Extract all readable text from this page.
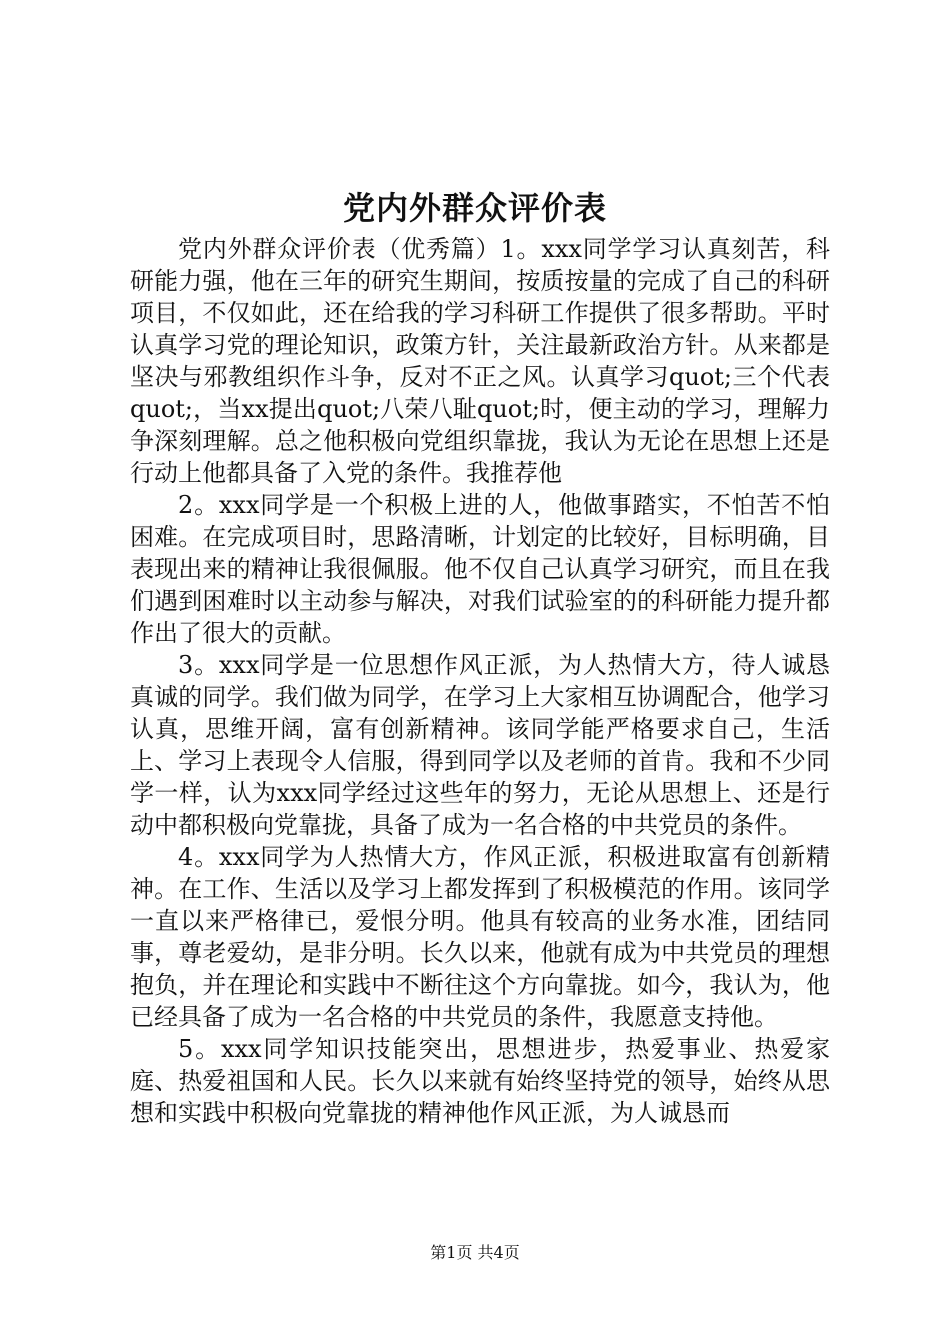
党内外群众评价表

党内外群众评价表（优秀篇）1。xxx同学学习认真刻苦，科研能力强，他在三年的研究生期间，按质按量的完成了自己的科研项目，不仅如此，还在给我的学习科研工作提供了很多帮助。平时认真学习党的理论知识，政策方针，关注最新政治方针。从来都是坚决与邪教组织作斗争，反对不正之风。认真学习quot;三个代表quot;，当xx提出quot;八荣八耻quot;时，便主动的学习，理解力争深刻理解。总之他积极向党组织靠拢，我认为无论在思想上还是行动上他都具备了入党的条件。我推荐他

2。xxx同学是一个积极上进的人，他做事踏实，不怕苦不怕困难。在完成项目时，思路清晰，计划定的比较好，目标明确，目表现出来的精神让我很佩服。他不仅自己认真学习研究，而且在我们遇到困难时以主动参与解决，对我们试验室的的科研能力提升都作出了很大的贡献。

3。xxx同学是一位思想作风正派，为人热情大方，待人诚恳真诚的同学。我们做为同学，在学习上大家相互协调配合，他学习认真，思维开阔，富有创新精神。该同学能严格要求自己，生活上、学习上表现令人信服，得到同学以及老师的首肯。我和不少同学一样，认为xxx同学经过这些年的努力，无论从思想上、还是行动中都积极向党靠拢，具备了成为一名合格的中共党员的条件。

4。xxx同学为人热情大方，作风正派，积极进取富有创新精神。在工作、生活以及学习上都发挥到了积极模范的作用。该同学一直以来严格律已，爱恨分明。他具有较高的业务水准，团结同事，尊老爱幼，是非分明。长久以来，他就有成为中共党员的理想抱负，并在理论和实践中不断往这个方向靠拢。如今，我认为，他已经具备了成为一名合格的中共党员的条件，我愿意支持他。

5。xxx同学知识技能突出，思想进步，热爱事业、热爱家庭、热爱祖国和人民。长久以来就有始终坚持党的领导，始终从思想和实践中积极向党靠拢的精神他作风正派，为人诚恳而

第1页 共4页
